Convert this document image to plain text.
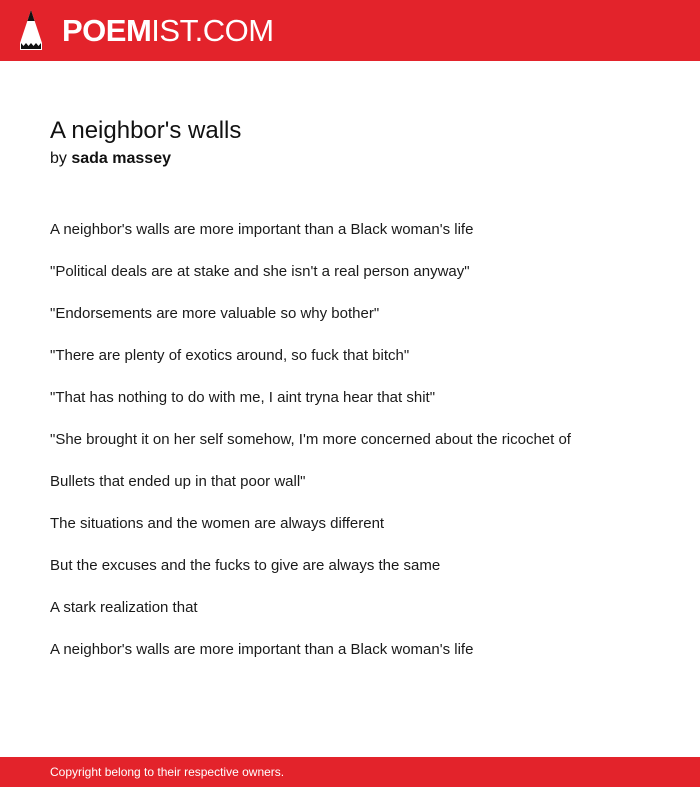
POEMIST.COM
A neighbor's walls
by sada massey
A neighbor's walls are more important than a Black woman's life
"Political deals are at stake and she isn't a real person anyway"
"Endorsements are more valuable so why bother"
"There are plenty of exotics around, so fuck that bitch"
"That has nothing to do with me, I aint tryna hear that shit"
"She brought it on her self somehow, I'm more concerned about the ricochet of
Bullets that ended up in that poor wall"
The situations and the women are always different
But the excuses and the fucks to give are always the same
A stark realization that
A neighbor's walls are more important than a Black woman's life
Copyright belong to their respective owners.
